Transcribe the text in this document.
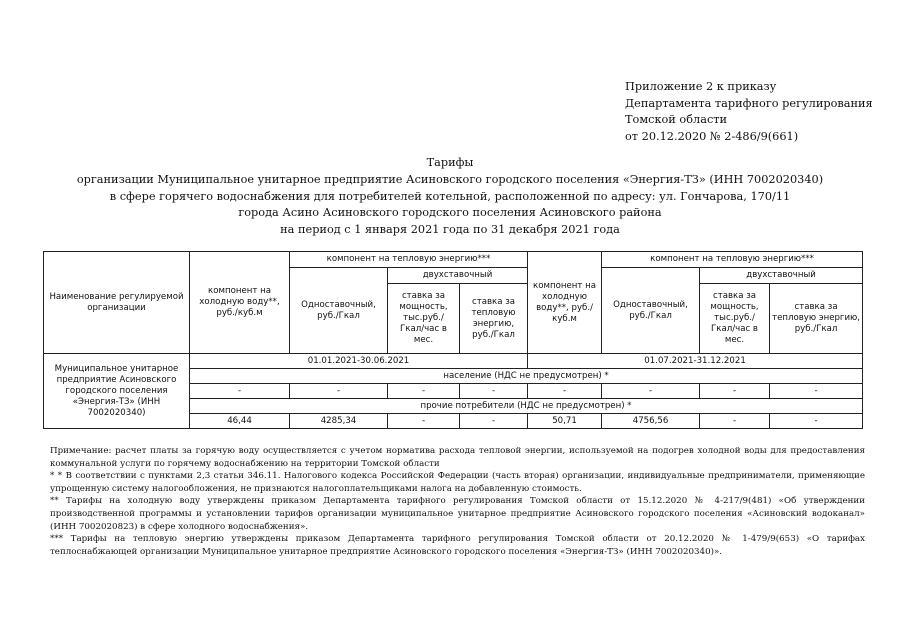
Приложение 2 к приказу
Департамента тарифного регулирования
Томской области
от 20.12.2020 № 2-486/9(661)
Тарифы
организации Муниципальное унитарное предприятие Асиновского городского поселения «Энергия-ТЗ» (ИНН 7002020340)
в сфере горячего водоснабжения для потребителей котельной, расположенной по адресу: ул. Гончарова, 170/11
города Асино Асиновского городского поселения Асиновского района
на период с 1 января 2021 года по 31 декабря 2021 года
Наименование регулируемой организации	компонент на холодную воду**, руб./куб.м	компонент на тепловую энергию***			компонент на холодную воду**, руб./куб.м	компонент на тепловую энергию***		
		Одноставочный, руб./Гкал	двухставочный			Одноставочный, руб./Гкал	двухставочный	
			ставка за мощность, тыс.руб./ Гкал/час в мес.	ставка за тепловую энергию, руб./Гкал			ставка за мощность, тыс.руб./ Гкал/час в мес.	ставка за тепловую энергию, руб./Гкал
Муниципальное унитарное предприятие Асиновского городского поселения «Энергия-ТЗ» (ИНН 7002020340)	01.01.2021-30.06.2021				01.07.2021-31.12.2021			
	население (НДС не предусмотрен) *							
	-	-	-	-	-	-	-	-
	прочие потребители (НДС не предусмотрен) *							
	46,44	4285,34	-	-	50,71	4756,56	-	-

Примечание: расчет платы за горячую воду осуществляется с учетом норматива расхода тепловой энергии, используемой на подогрев холодной воды для предоставления коммунальной услуги по горячему водоснабжению на территории Томской области

* * В соответствии с пунктами 2,3 статьи 346.11. Налогового кодекса Российской Федерации (часть вторая) организации, индивидуальные предприниматели, применяющие упрощенную систему налогообложения, не признаются налогоплательщиками налога на добавленную стоимость.

** Тарифы на холодную воду утверждены приказом Департамента тарифного регулирования Томской области от 15.12.2020 № 4-217/9(481) «Об утверждении производственной программы и установлении тарифов организации муниципальное унитарное предприятие Асиновского городского поселения «Асиновский водоканал» (ИНН 7002020823) в сфере холодного водоснабжения».

*** Тарифы на тепловую энергию утверждены приказом Департамента тарифного регулирования Томской области от 20.12.2020 № 1-479/9(653) «О тарифах теплоснабжающей организации Муниципальное унитарное предприятие Асиновского городского поселения «Энергия-ТЗ» (ИНН 7002020340)».
